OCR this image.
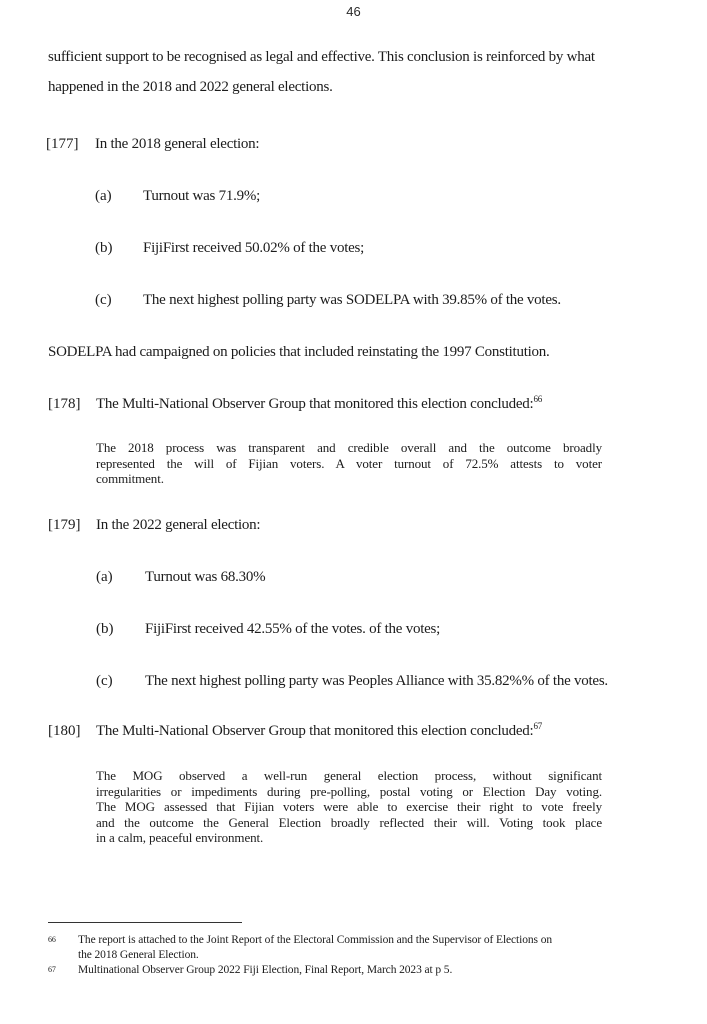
46
sufficient support to be recognised as legal and effective. This conclusion is reinforced by what
happened in the 2018 and 2022 general elections.
[177] In the 2018 general election:
(a) Turnout was 71.9%;
(b) FijiFirst received 50.02% of the votes;
(c) The next highest polling party was SODELPA with 39.85% of the votes.
SODELPA had campaigned on policies that included reinstating the 1997 Constitution.
[178] The Multi-National Observer Group that monitored this election concluded:$^{66}$
The 2018 process was transparent and credible overall and the outcome broadly
represented the will of Fijian voters. A voter turnout of 72.5% attests to voter
commitment.
[179] In the 2022 general election:
(a) Turnout was 68.30%
(b) FijiFirst received 42.55% of the votes. of the votes;
(c) The next highest polling party was Peoples Alliance with 35.82%% of the votes.
[180] The Multi-National Observer Group that monitored this election concluded:$^{67}$
The MOG observed a well-run general election process, without significant
irregularities or impediments during pre-polling, postal voting or Election Day voting.
The MOG assessed that Fijian voters were able to exercise their right to vote freely
and the outcome the General Election broadly reflected their will. Voting took place
in a calm, peaceful environment.
66 The report is attached to the Joint Report of the Electoral Commission and the Supervisor of Elections on
the 2018 General Election.
67 Multinational Observer Group 2022 Fiji Election, Final Report, March 2023 at p 5.
